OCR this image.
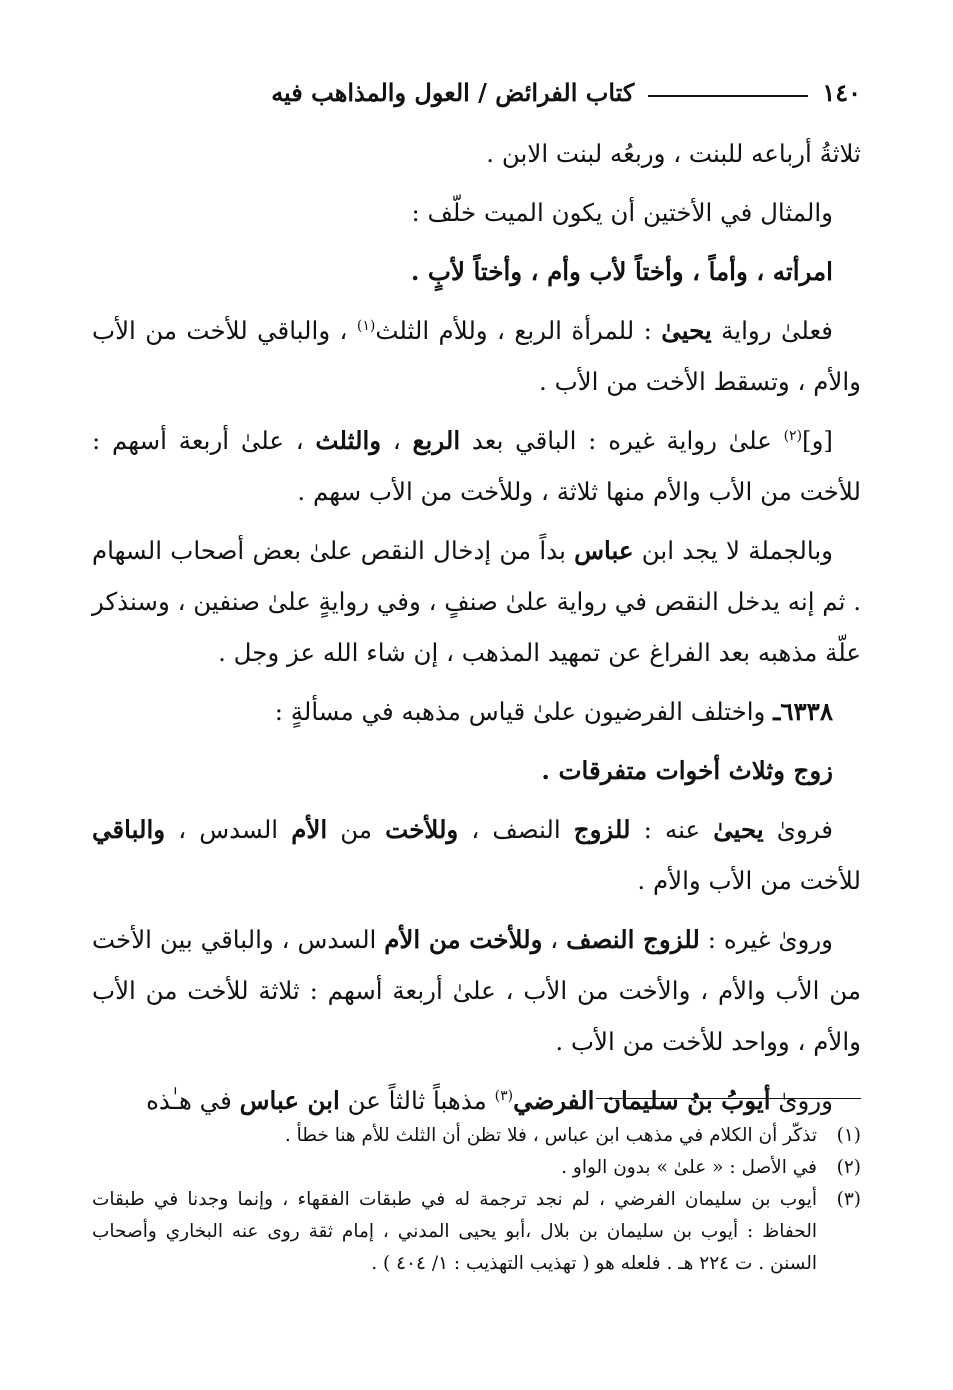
١٤٠
كتاب الفرائض / العول والمذاهب فيه

ثلاثةُ أرباعه للبنت ، وربعُه لبنت الابن .

والمثال في الأختين أن يكون الميت خلّف :

امرأته ، وأماً ، وأختاً لأب وأم ، وأختاً لأبٍ .

فعلىٰ رواية يحيىٰ : للمرأة الربع ، وللأم الثلث$^{(١)}$ ، والباقي للأخت من الأب والأم ، وتسقط الأخت من الأب .

[و]$^{(٢)}$ علىٰ رواية غيره : الباقي بعد الربع ، والثلث ، علىٰ أربعة أسهم : للأخت من الأب والأم منها ثلاثة ، وللأخت من الأب سهم .

وبالجملة لا يجد ابن عباس بداً من إدخال النقص علىٰ بعض أصحاب السهام . ثم إنه يدخل النقص في رواية علىٰ صنفٍ ، وفي روايةٍ علىٰ صنفين ، وسنذكر علّة مذهبه بعد الفراغ عن تمهيد المذهب ، إن شاء الله عز وجل .

٦٣٣٨ـ واختلف الفرضيون علىٰ قياس مذهبه في مسألةٍ :

زوج وثلاث أخوات متفرقات .

فروىٰ يحيىٰ عنه : للزوج النصف ، وللأخت من الأم السدس ، والباقي للأخت من الأب والأم .

وروىٰ غيره : للزوج النصف ، وللأخت من الأم السدس ، والباقي بين الأخت من الأب والأم ، والأخت من الأب ، علىٰ أربعة أسهم : ثلاثة للأخت من الأب والأم ، وواحد للأخت من الأب .

وروىٰ أيوبُ بنُ سليمان الفرضي$^{(٣)}$ مذهباً ثالثاً عن ابن عباس في هـٰذه

(١)
تذكّر أن الكلام في مذهب ابن عباس ، فلا تظن أن الثلث للأم هنا خطأ .
(٢)
في الأصل : « علىٰ » بدون الواو .
(٣)
أيوب بن سليمان الفرضي ، لم نجد ترجمة له في طبقات الفقهاء ، وإنما وجدنا في طبقات الحفاظ : أيوب بن سليمان بن بلال ،أبو يحيى المدني ، إمام ثقة روى عنه البخاري وأصحاب السنن . ت ٢٢٤ هـ . فلعله هو ( تهذيب التهذيب : ١/ ٤٠٤ ) .
